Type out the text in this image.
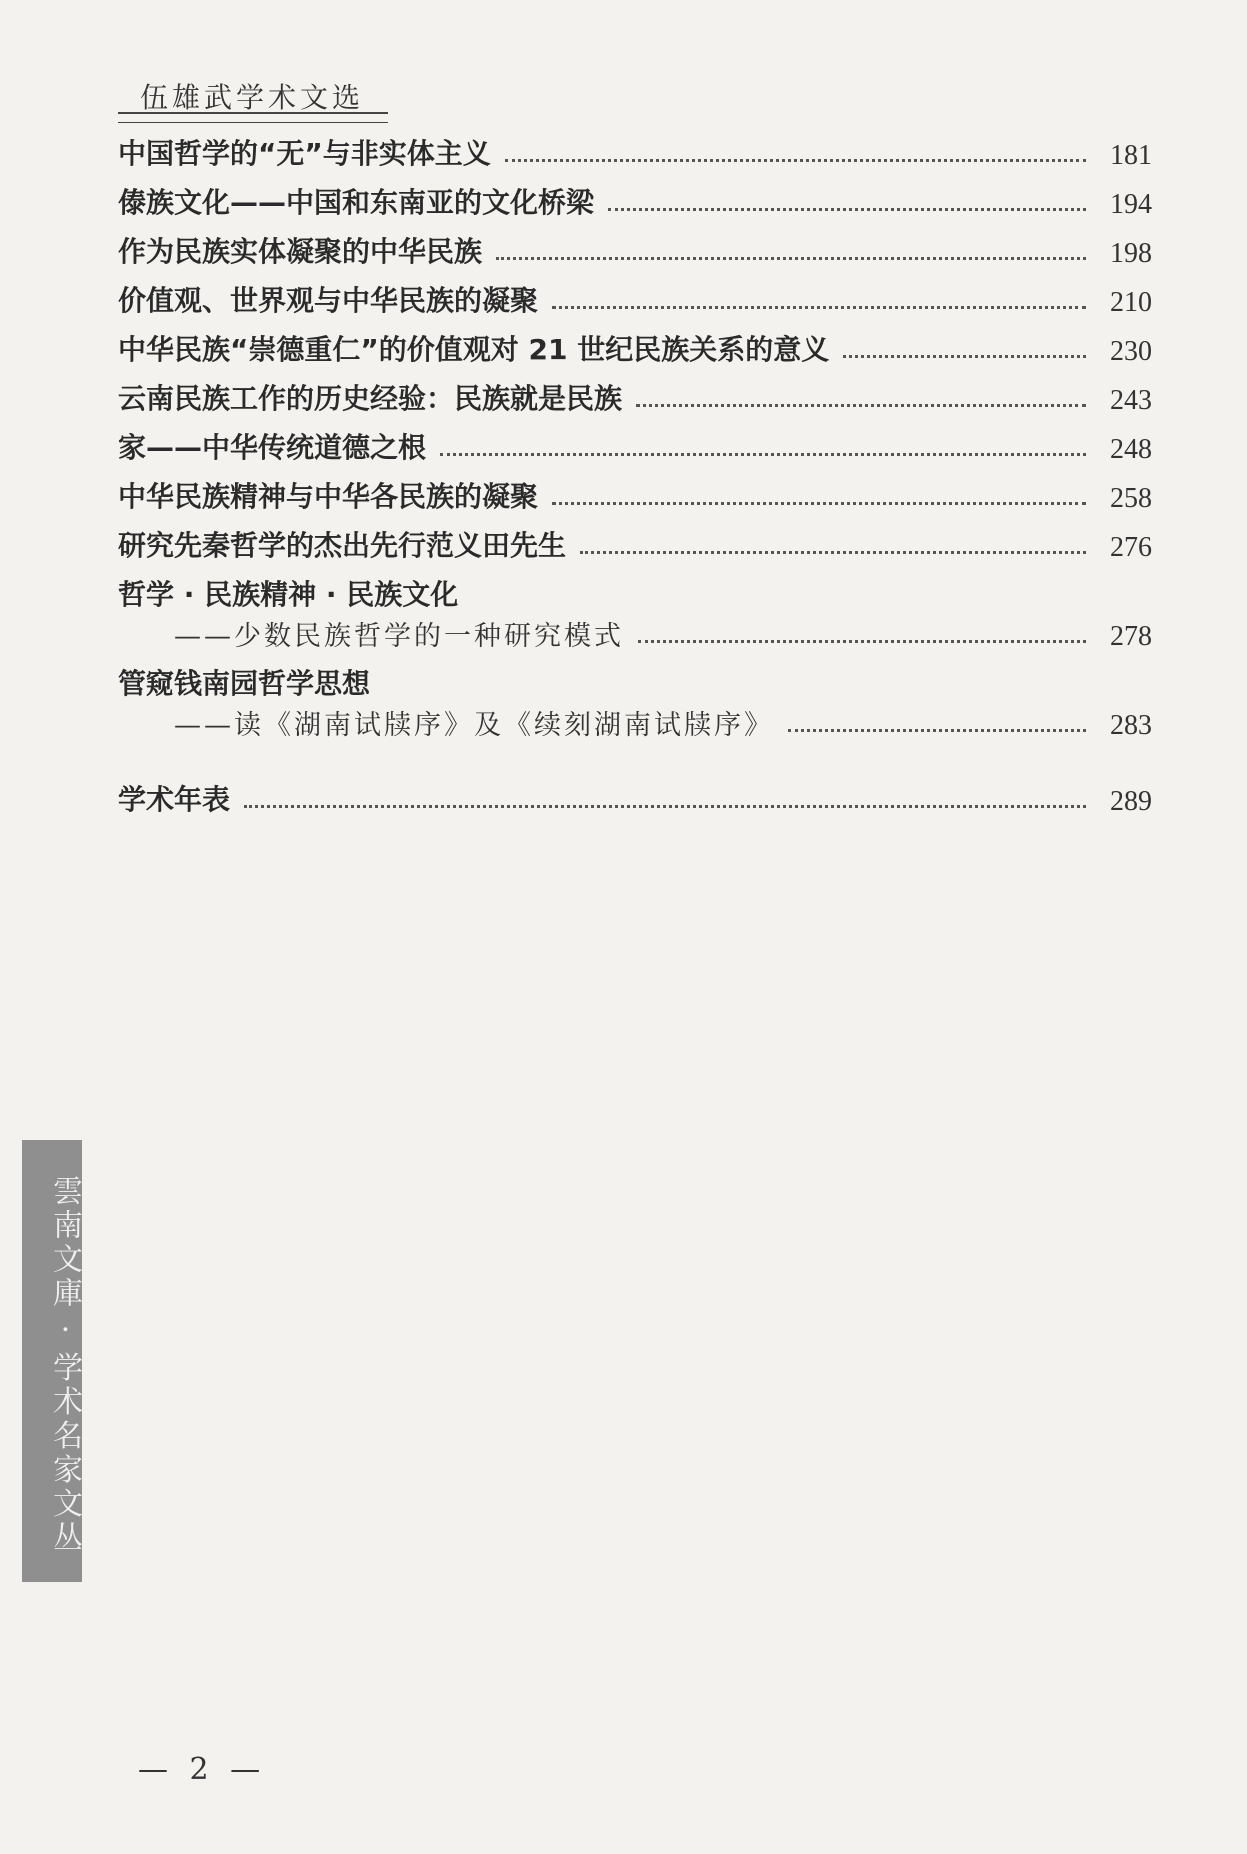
伍雄武学术文选
中国哲学的“无”与非实体主义	181
傣族文化——中国和东南亚的文化桥梁	194
作为民族实体凝聚的中华民族	198
价值观、世界观与中华民族的凝聚	210
中华民族“崇德重仁”的价值观对 21 世纪民族关系的意义	230
云南民族工作的历史经验：民族就是民族	243
家——中华传统道德之根	248
中华民族精神与中华各民族的凝聚	258
研究先秦哲学的杰出先行范义田先生	276
哲学 · 民族精神 · 民族文化
——少数民族哲学的一种研究模式	278
管窥钱南园哲学思想
——读《湖南试牍序》及《续刻湖南试牍序》	283
学术年表	289
雲南文庫 · 学术名家文丛
— 2 —
